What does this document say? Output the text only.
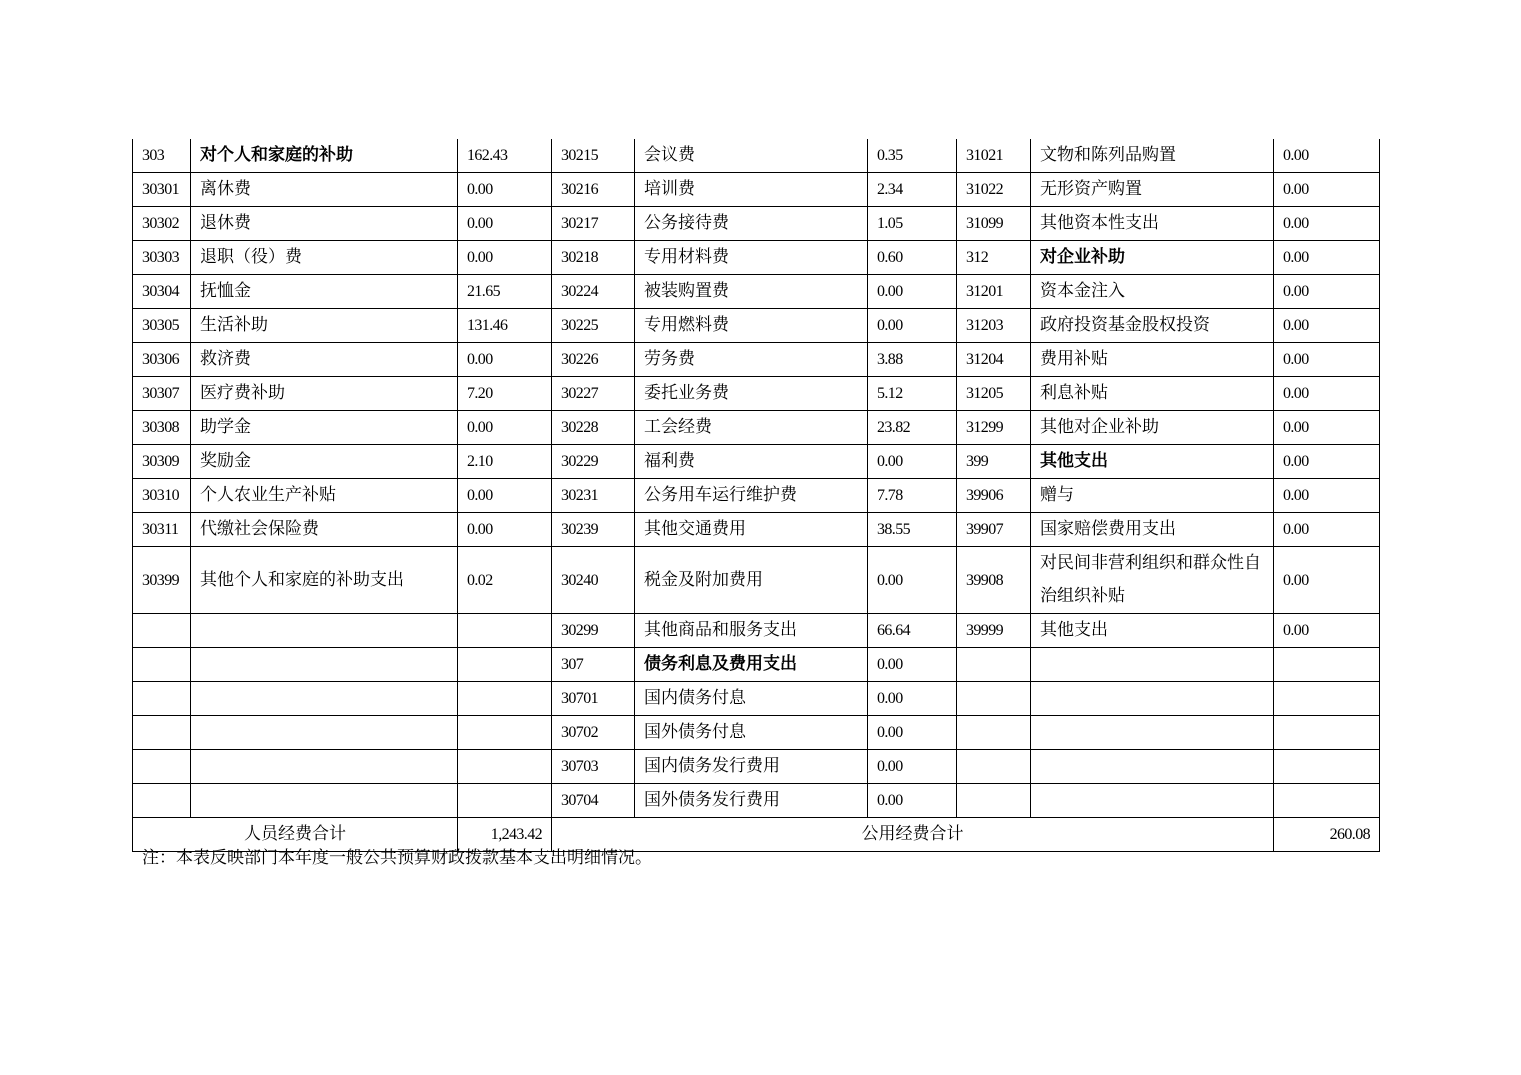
303	对个人和家庭的补助	162.43	30215	会议费	0.35	31021	文物和陈列品购置	0.00
30301	离休费	0.00	30216	培训费	2.34	31022	无形资产购置	0.00
30302	退休费	0.00	30217	公务接待费	1.05	31099	其他资本性支出	0.00
30303	退职（役）费	0.00	30218	专用材料费	0.60	312	对企业补助	0.00
30304	抚恤金	21.65	30224	被装购置费	0.00	31201	资本金注入	0.00
30305	生活补助	131.46	30225	专用燃料费	0.00	31203	政府投资基金股权投资	0.00
30306	救济费	0.00	30226	劳务费	3.88	31204	费用补贴	0.00
30307	医疗费补助	7.20	30227	委托业务费	5.12	31205	利息补贴	0.00
30308	助学金	0.00	30228	工会经费	23.82	31299	其他对企业补助	0.00
30309	奖励金	2.10	30229	福利费	0.00	399	其他支出	0.00
30310	个人农业生产补贴	0.00	30231	公务用车运行维护费	7.78	39906	赠与	0.00
30311	代缴社会保险费	0.00	30239	其他交通费用	38.55	39907	国家赔偿费用支出	0.00
30399	其他个人和家庭的补助支出	0.02	30240	税金及附加费用	0.00	39908	对民间非营利组织和群众性自治组织补贴	0.00
			30299	其他商品和服务支出	66.64	39999	其他支出	0.00
			307	债务利息及费用支出	0.00			
			30701	国内债务付息	0.00			
			30702	国外债务付息	0.00			
			30703	国内债务发行费用	0.00			
			30704	国外债务发行费用	0.00			
人员经费合计		1,243.42	公用经费合计					260.08
注：本表反映部门本年度一般公共预算财政拨款基本支出明细情况。
